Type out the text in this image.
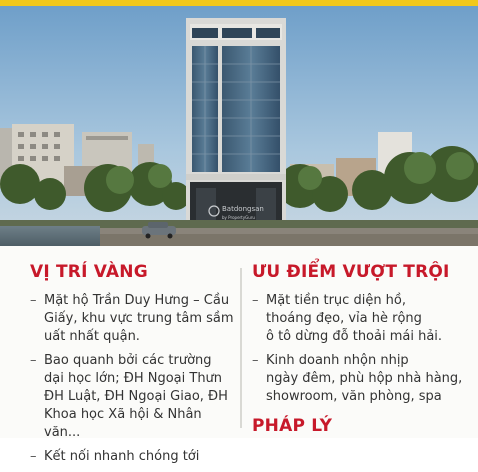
Batdongsan
by PropertyGuru
VỊ TRÍ VÀNG
– Mặt hộ Trần Duy Hưng – Cầu
Giấy, khu vực trung tâm sầm
uất nhất quận.
– Bao quanh bởi các trường
dại học lớn; ĐH Ngoại Thưn
ĐH Luật, ĐH Ngoại Giao, ĐH
Khoa học Xã hội & Nhân văn...
– Kết nối nhanh chóng tới
ƯU ĐIỂM VƯỢT TRỘI
– Mặt tiền trục diện hồ,
thoáng đẹo, vỉa hè rộng
ô tô dừng đỗ thoải mái hải.
– Kinh doanh nhộn nhịp
ngày đêm, phù hộp nhà hàng,
showroom, văn phòng, spa
PHÁP LÝ
